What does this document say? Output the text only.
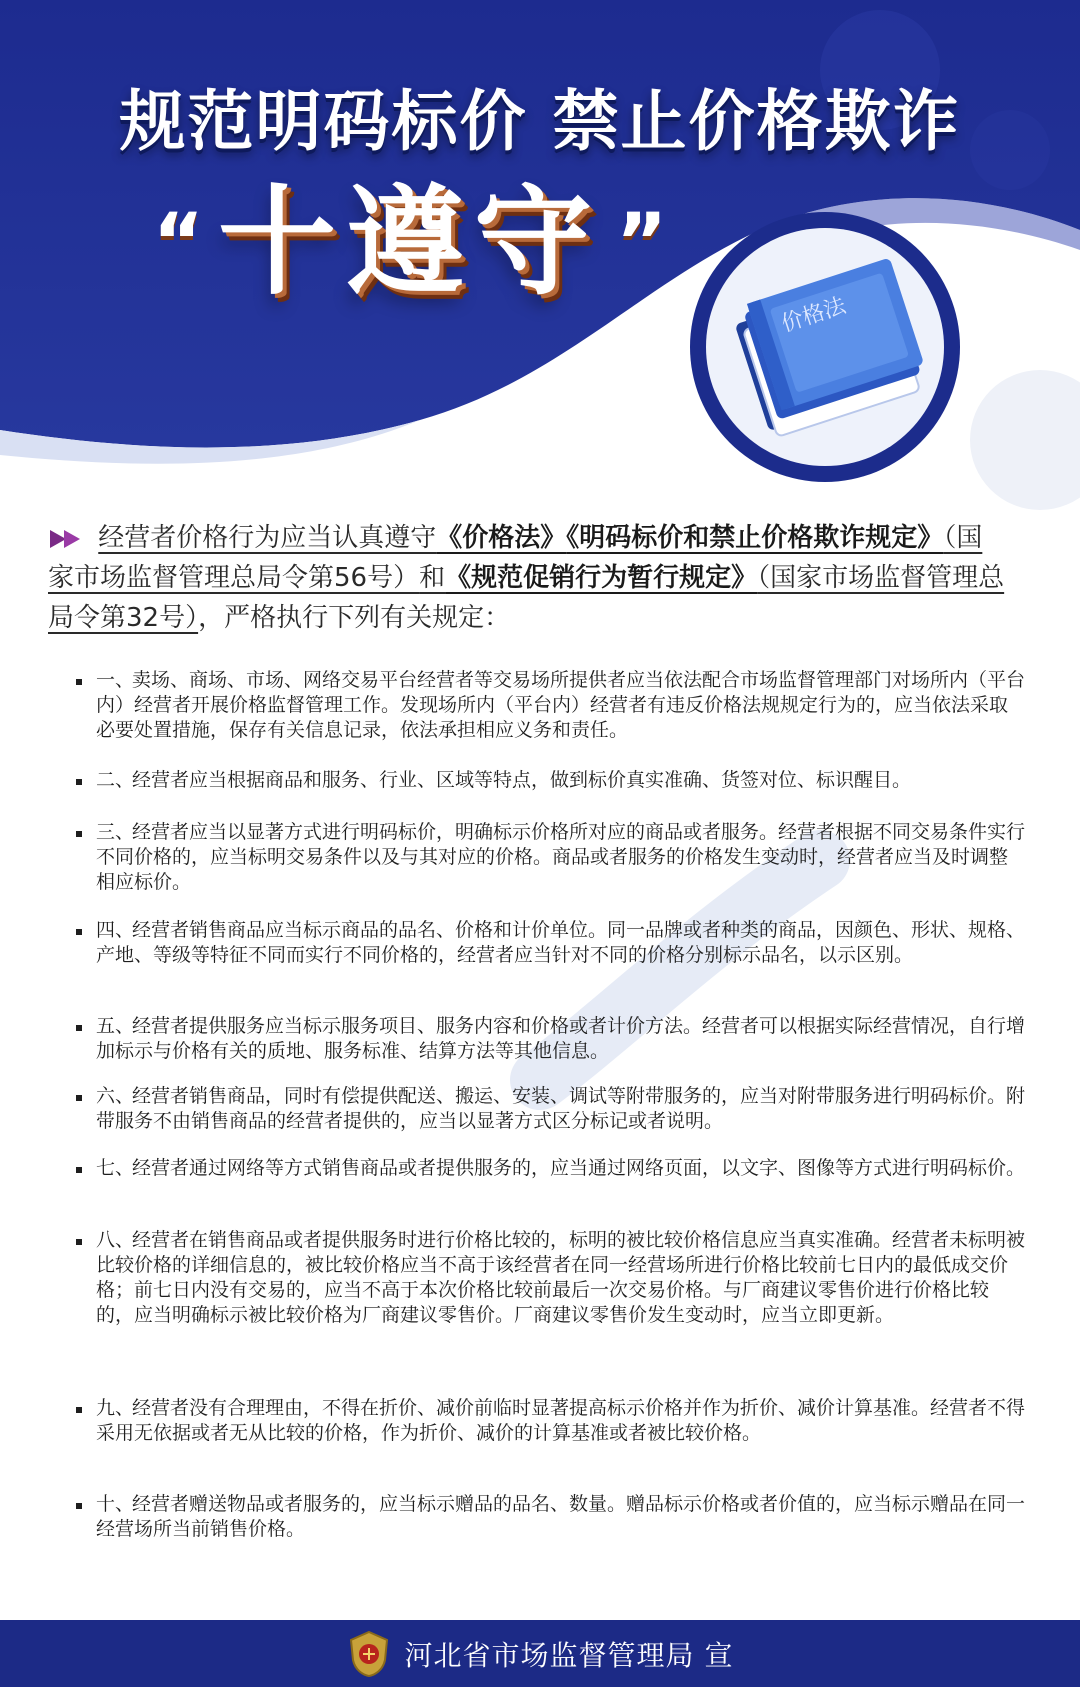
规范明码标价 禁止价格欺诈
“ 十遵守 ”
价格法
经营者价格行为应当认真遵守《价格法》《明码标价和禁止价格欺诈规定》（国家市场监督管理总局令第56号）和《规范促销行为暂行规定》（国家市场监督管理总局令第32号），严格执行下列有关规定：
一、卖场、商场、市场、网络交易平台经营者等交易场所提供者应当依法配合市场监督管理部门对场所内（平台内）经营者开展价格监督管理工作。发现场所内（平台内）经营者有违反价格法规规定行为的，应当依法采取必要处置措施，保存有关信息记录，依法承担相应义务和责任。
二、经营者应当根据商品和服务、行业、区域等特点，做到标价真实准确、货签对位、标识醒目。
三、经营者应当以显著方式进行明码标价，明确标示价格所对应的商品或者服务。经营者根据不同交易条件实行不同价格的，应当标明交易条件以及与其对应的价格。商品或者服务的价格发生变动时，经营者应当及时调整相应标价。
四、经营者销售商品应当标示商品的品名、价格和计价单位。同一品牌或者种类的商品，因颜色、形状、规格、产地、等级等特征不同而实行不同价格的，经营者应当针对不同的价格分别标示品名，以示区别。
五、经营者提供服务应当标示服务项目、服务内容和价格或者计价方法。经营者可以根据实际经营情况，自行增加标示与价格有关的质地、服务标准、结算方法等其他信息。
六、经营者销售商品，同时有偿提供配送、搬运、安装、调试等附带服务的，应当对附带服务进行明码标价。附带服务不由销售商品的经营者提供的，应当以显著方式区分标记或者说明。
七、经营者通过网络等方式销售商品或者提供服务的，应当通过网络页面，以文字、图像等方式进行明码标价。
八、经营者在销售商品或者提供服务时进行价格比较的，标明的被比较价格信息应当真实准确。经营者未标明被比较价格的详细信息的，被比较价格应当不高于该经营者在同一经营场所进行价格比较前七日内的最低成交价格；前七日内没有交易的，应当不高于本次价格比较前最后一次交易价格。与厂商建议零售价进行价格比较的，应当明确标示被比较价格为厂商建议零售价。厂商建议零售价发生变动时，应当立即更新。
九、经营者没有合理理由，不得在折价、减价前临时显著提高标示价格并作为折价、减价计算基准。经营者不得采用无依据或者无从比较的价格，作为折价、减价的计算基准或者被比较价格。
十、经营者赠送物品或者服务的，应当标示赠品的品名、数量。赠品标示价格或者价值的，应当标示赠品在同一经营场所当前销售价格。
河北省市场监督管理局 宣
